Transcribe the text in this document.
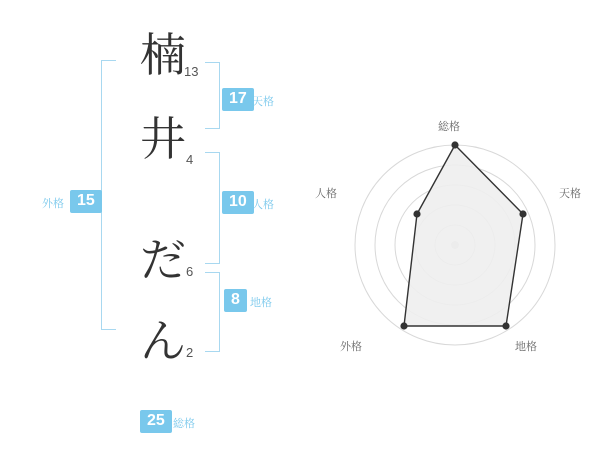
楠
13
井 4
だ 6
ん 2
17 天格
10 人格
8 地格
外格 15
25 総格
総格
天格
地格
外格
人格
